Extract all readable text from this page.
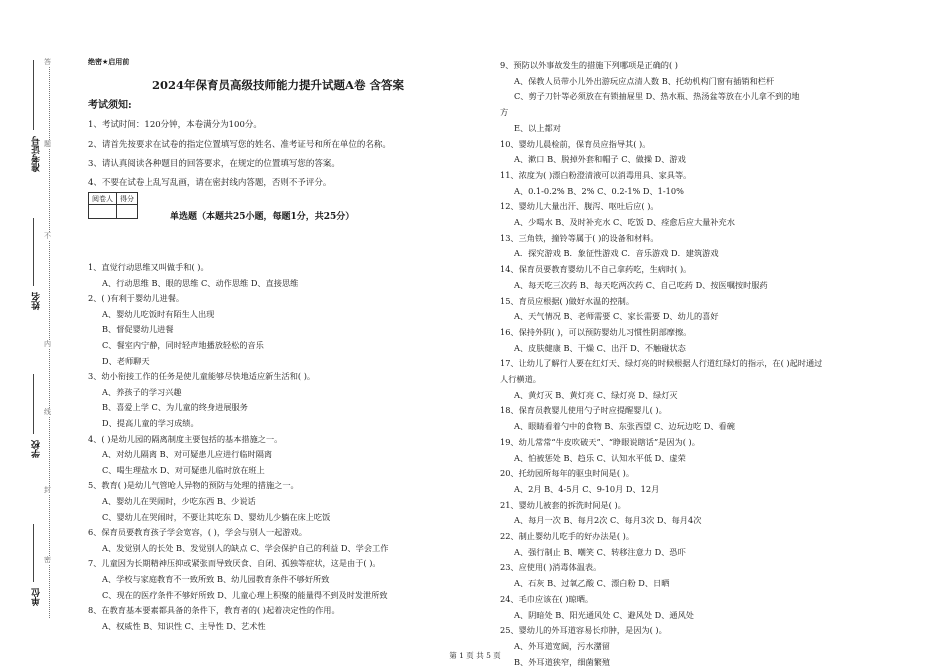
答
题
不
内
线
封
密
准考证号
姓名
学校
单位
绝密★启用前
2024年保育员高级技师能力提升试题A卷 含答案
考试须知:
1、考试时间：120分钟，本卷满分为100分。
2、请首先按要求在试卷的指定位置填写您的姓名、准考证号和所在单位的名称。
3、请认真阅读各种题目的回答要求，在规定的位置填写您的答案。
4、不要在试卷上乱写乱画，请在密封线内答题，否则不予评分。
阅卷人	得分

单选题（本题共25小题，每题1分，共25分）
1、直觉行动思维又叫做手和( )。
A、行动思维 B、眼的思维 C、动作思维 D、直接思维
2、( )有利于婴幼儿进餐。
A、婴幼儿吃饭时有陌生人出现
B、督促婴幼儿进餐
C、餐室内宁静，同时轻声地播放轻松的音乐
D、老师聊天
3、幼小衔接工作的任务是使儿童能够尽快地适应新生活和( )。
A、养孩子的学习兴趣
B、喜爱上学 C、为儿童的终身进展服务
D、提高儿童的学习成绩。
4、( )是幼儿园的隔离制度主要包括的基本措施之一。
A、对幼儿隔离 B、对可疑患儿应进行临时隔离
C、喝生理盐水 D、对可疑患儿临时放在班上
5、教育( )是幼儿气管呛人异物的预防与处理的措施之一。
A、婴幼儿在哭闹时，少吃东西 B、少说话
C、婴幼儿在哭闹时，不要让其吃东 D、婴幼儿少躺在床上吃饭
6、保育员要教育孩子学会宽容，( )，学会与别人一起游戏。
A、发觉别人的长处 B、发觉别人的缺点 C、学会保护自己的利益 D、学会工作
7、儿童因为长期精神压抑或紧张而导致厌食、自闭、孤独等症状，这是由于( )。
A、学校与家庭教育不一致所致 B、幼儿园教育条件不够好所致
C、现在的医疗条件不够好所致 D、儿童心理上积聚的能量得不到及时发泄所致
8、在教育基本要素都具备的条件下，教育者的( )起着决定性的作用。
A、权威性 B、知识性 C、主导性 D、艺术性
9、预防以外事故发生的措施下列哪项是正确的( )
A、保教人员带小儿外出游玩应点清人数 B、托幼机构门窗有插销和栏杆
C、剪子刀针等必须放在有锁抽屉里 D、热水瓶、热汤盆等放在小儿拿不到的地
方
E、以上都对
10、婴幼儿晨检前，保育员应指导其( )。
A、漱口 B、脱掉外套和帽子 C、做操 D、游戏
11、浓度为( )漂白粉澄清液可以消毒用具、家具等。
A、0.1-0.2% B、2% C、0.2-1% D、1-10%
12、婴幼儿大量出汗、腹泻、呕吐后应( )。
A、少喝水 B、及时补充水 C、吃饭 D、痊愈后应大量补充水
13、三角铁，撞铃等属于( )的设备和材料。
A．探究游戏 B．象征性游戏 C．音乐游戏 D．建筑游戏
14、保育员要教育婴幼儿不自己拿药吃，生病时( )。
A、每天吃三次药 B、每天吃两次药 C、自己吃药 D、按医嘱按时服药
15、育员应根据( )做好水温的控制。
A、天气情况 B、老师需要 C、家长需要 D、幼儿的喜好
16、保持外阴( )，可以预防婴幼儿习惯性阴部摩擦。
A、皮肤健康 B、干燥 C、出汗 D、不触碰状态
17、让幼儿了解行人要在红灯天、绿灯亮的时候根据人行道红绿灯的指示，在( )起时通过
人行横道。
A、黄灯灭 B、黄灯亮 C、绿灯亮 D、绿灯灭
18、保育员教婴儿使用勺子时应提醒婴儿( )。
A、眼睛看着勺中的食物 B、东张西望 C、边玩边吃 D、看碗
19、幼儿常常“牛皮吹破天”、“睁眼说瞎话”是因为( )。
A、怕被惩处 B、趋乐 C、认知水平低 D、虚荣
20、托幼园所每年的驱虫时间是( )。
A、2月 B、4-5月 C、9-10月 D、12月
21、婴幼儿被套的拆洗时间是( )。
A、每月一次 B、每月2次 C、每月3次 D、每月4次
22、制止婴幼儿吃手的好办法是( )。
A、强行制止 B、嘲笑 C、转移注意力 D、恐吓
23、应使用( )消毒体温表。
A、石灰 B、过氧乙酸 C、漂白粉 D、日晒
24、毛巾应该在( )晾晒。
A、阴暗处 B、阳光通风处 C、避风处 D、通风处
25、婴幼儿的外耳道容易长疖肿，是因为( )。
A、外耳道宽阔，污水潴留
B、外耳道狭窄，细菌繁殖
第 1 页 共 5 页
